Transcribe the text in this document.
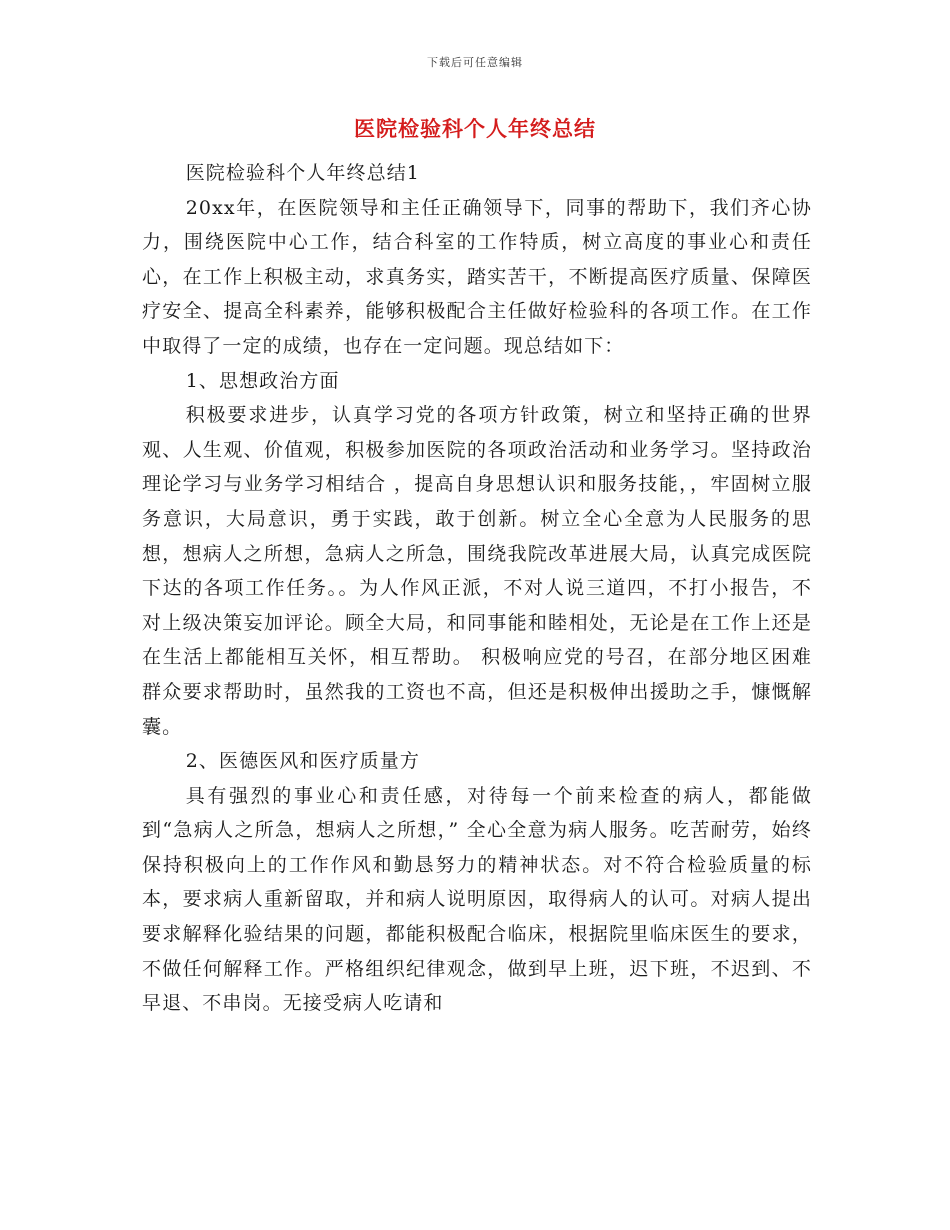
下载后可任意编辑
医院检验科个人年终总结

医院检验科个人年终总结1

20xx年，在医院领导和主任正确领导下，同事的帮助下，我们齐心协力，围绕医院中心工作，结合科室的工作特质，树立高度的事业心和责任心，在工作上积极主动，求真务实，踏实苦干，不断提高医疗质量、保障医疗安全、提高全科素养，能够积极配合主任做好检验科的各项工作。在工作中取得了一定的成绩，也存在一定问题。现总结如下：

1、思想政治方面

积极要求进步，认真学习党的各项方针政策，树立和坚持正确的世界观、人生观、价值观，积极参加医院的各项政治活动和业务学习。坚持政治理论学习与业务学习相结合 ，提高自身思想认识和服务技能，，牢固树立服务意识，大局意识，勇于实践，敢于创新。树立全心全意为人民服务的思想，想病人之所想，急病人之所急，围绕我院改革进展大局，认真完成医院下达的各项工作任务。。为人作风正派，不对人说三道四，不打小报告，不对上级决策妄加评论。顾全大局，和同事能和睦相处，无论是在工作上还是在生活上都能相互关怀，相互帮助。 积极响应党的号召，在部分地区困难群众要求帮助时，虽然我的工资也不高，但还是积极伸出援助之手，慷慨解囊。

2、医德医风和医疗质量方

具有强烈的事业心和责任感，对待每一个前来检查的病人，都能做到“急病人之所急，想病人之所想，” 全心全意为病人服务。吃苦耐劳，始终保持积极向上的工作作风和勤恳努力的精神状态。对不符合检验质量的标本，要求病人重新留取，并和病人说明原因，取得病人的认可。对病人提出要求解释化验结果的问题，都能积极配合临床，根据院里临床医生的要求，不做任何解释工作。严格组织纪律观念，做到早上班，迟下班，不迟到、不早退、不串岗。无接受病人吃请和
